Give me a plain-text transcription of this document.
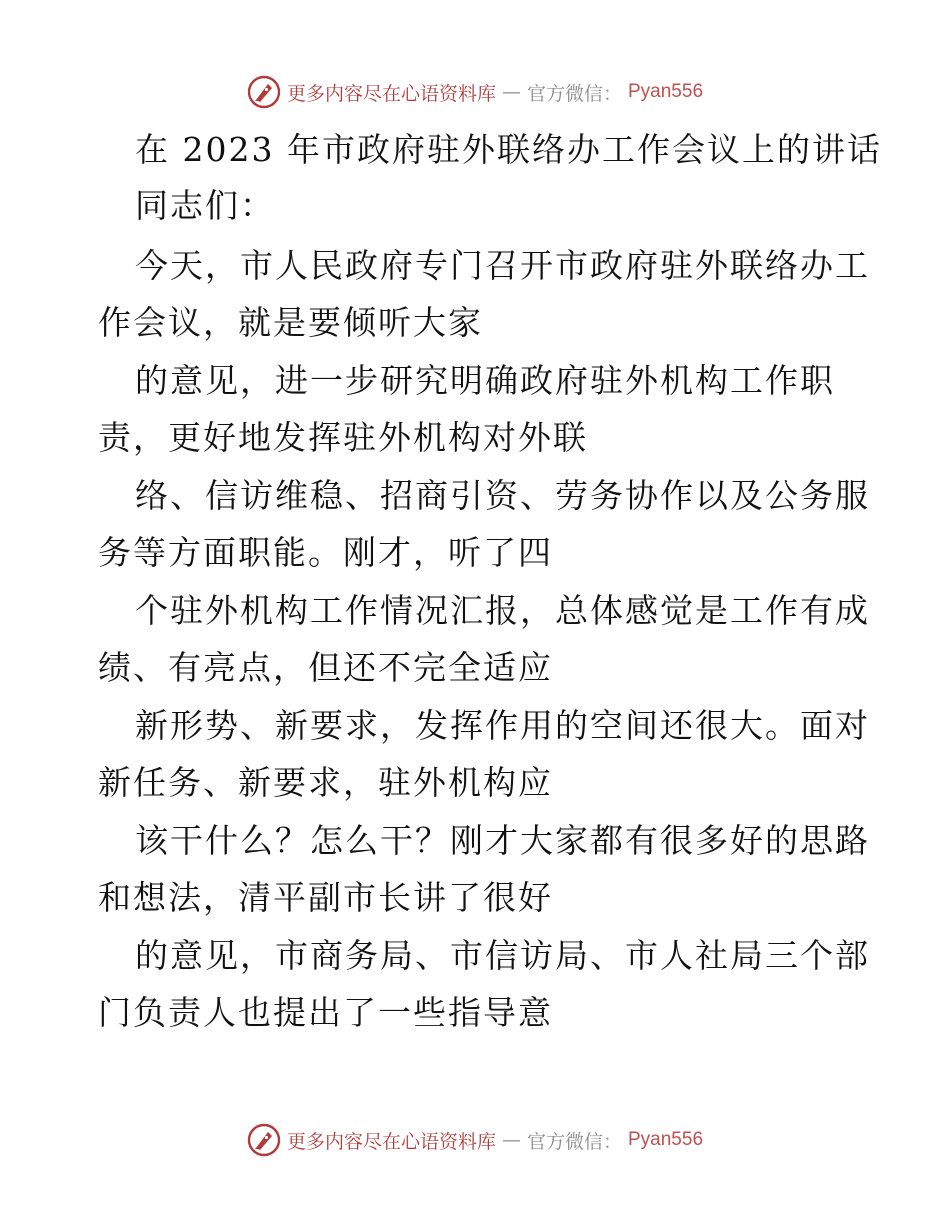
更多内容尽在心语资料库 — 官方微信： Pyan556
在 2023 年市政府驻外联络办工作会议上的讲话
同志们：
今天，市人民政府专门召开市政府驻外联络办工
作会议，就是要倾听大家
的意见，进一步研究明确政府驻外机构工作职
责，更好地发挥驻外机构对外联
络、信访维稳、招商引资、劳务协作以及公务服
务等方面职能。刚才，听了四
个驻外机构工作情况汇报，总体感觉是工作有成
绩、有亮点，但还不完全适应
新形势、新要求，发挥作用的空间还很大。面对
新任务、新要求，驻外机构应
该干什么？怎么干？刚才大家都有很多好的思路
和想法，清平副市长讲了很好
的意见，市商务局、市信访局、市人社局三个部
门负责人也提出了一些指导意
更多内容尽在心语资料库 — 官方微信： Pyan556
